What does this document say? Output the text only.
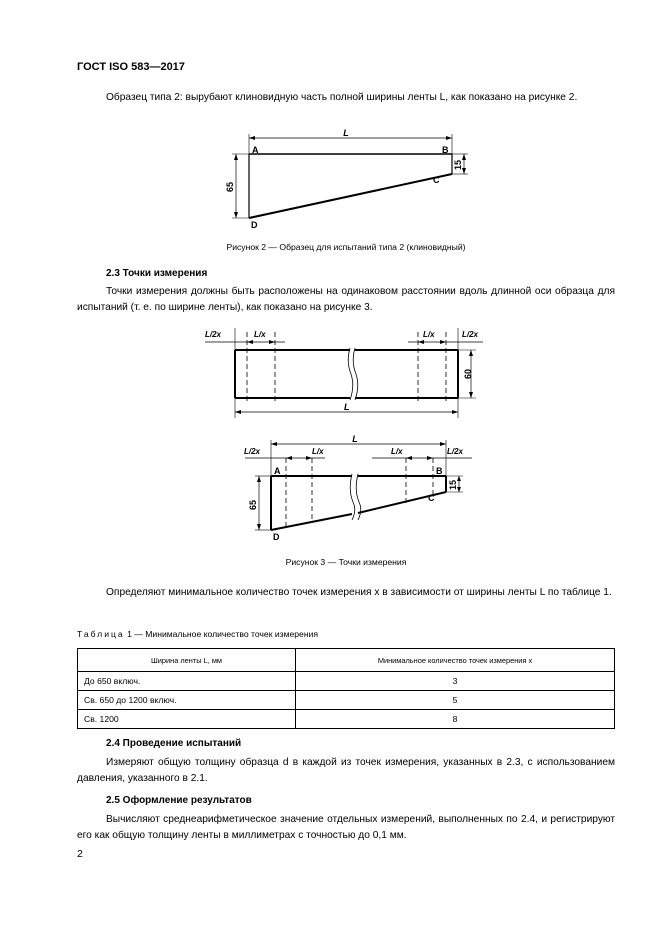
ГОСТ ISO 583—2017
Образец типа 2: вырубают клиновидную часть полной ширины ленты L, как показано на рисунке 2.
L
A	B
C
D
65
15
Рисунок 2 — Образец для испытаний типа 2 (клиновидный)
2.3 Точки измерения
Точки измерения должны быть расположены на одинаковом расстоянии вдоль длинной оси образца для испытаний (т. е. по ширине ленты), как показано на рисунке 3.
L/2x	L/x	L/x	L/2x
L
60
L
L/2x	L/x	L/x	L/2x
A	B
C
D
65
15
Рисунок 3 — Точки измерения
Определяют минимальное количество точек измерения x в зависимости от ширины ленты L по таблице 1.
Таблица 1 — Минимальное количество точек измерения
Ширина ленты L, мм	Минимальное количество точек измерения x
До 650 включ.	3
Св. 650 до 1200 включ.	5
Св. 1200	8
2.4 Проведение испытаний
Измеряют общую толщину образца d в каждой из точек измерения, указанных в 2.3, с использованием давления, указанного в 2.1.
2.5 Оформление результатов
Вычисляют среднеарифметическое значение отдельных измерений, выполненных по 2.4, и регистрируют его как общую толщину ленты в миллиметрах с точностью до 0,1 мм.
2
